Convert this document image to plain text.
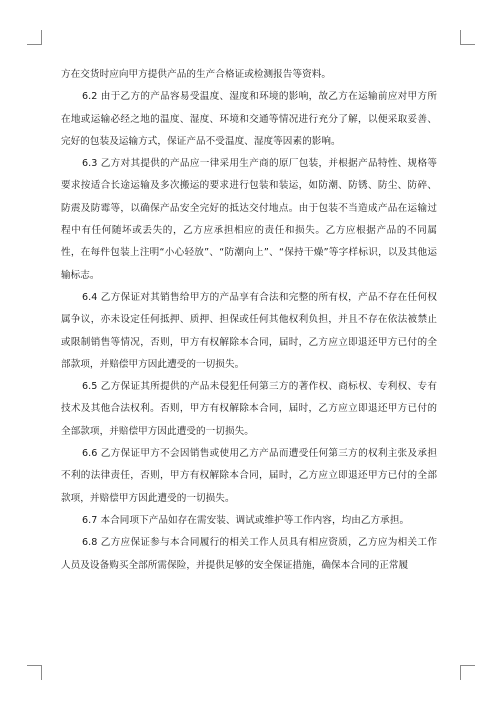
方在交货时应向甲方提供产品的生产合格证或检测报告等资料。

6.2 由于乙方的产品容易受温度、湿度和环境的影响，故乙方在运输前应对甲方所在地或运输必经之地的温度、湿度、环境和交通等情况进行充分了解，以便采取妥善、完好的包装及运输方式，保证产品不受温度、湿度等因素的影响。

6.3 乙方对其提供的产品应一律采用生产商的原厂包装，并根据产品特性、规格等要求按适合长途运输及多次搬运的要求进行包装和装运，如防潮、防锈、防尘、防碎、防震及防霉等，以确保产品安全完好的抵达交付地点。由于包装不当造成产品在运输过程中有任何随坏或丢失的，乙方应承担相应的责任和损失。乙方应根据产品的不同属性，在每件包装上注明“小心轻放”、“防潮向上”、“保持干燥”等字样标识，以及其他运输标志。

6.4 乙方保证对其销售给甲方的产品享有合法和完整的所有权，产品不存在任何权属争议，亦未设定任何抵押、质押、担保或任何其他权利负担，并且不存在依法被禁止或限制销售等情况，否则，甲方有权解除本合同，届时，乙方应立即退还甲方已付的全部款项，并赔偿甲方因此遭受的一切损失。

6.5 乙方保证其所提供的产品未侵犯任何第三方的著作权、商标权、专利权、专有技术及其他合法权利。否则，甲方有权解除本合同，届时，乙方应立即退还甲方已付的全部款项，并赔偿甲方因此遭受的一切损失。

6.6 乙方保证甲方不会因销售或使用乙方产品而遭受任何第三方的权利主张及承担不利的法律责任，否则，甲方有权解除本合同，届时，乙方应立即退还甲方已付的全部款项，并赔偿甲方因此遭受的一切损失。

6.7 本合同项下产品如存在需安装、调试或维护等工作内容，均由乙方承担。

6.8 乙方应保证参与本合同履行的相关工作人员具有相应资质，乙方应为相关工作人员及设备购买全部所需保险，并提供足够的安全保证措施，确保本合同的正常履
